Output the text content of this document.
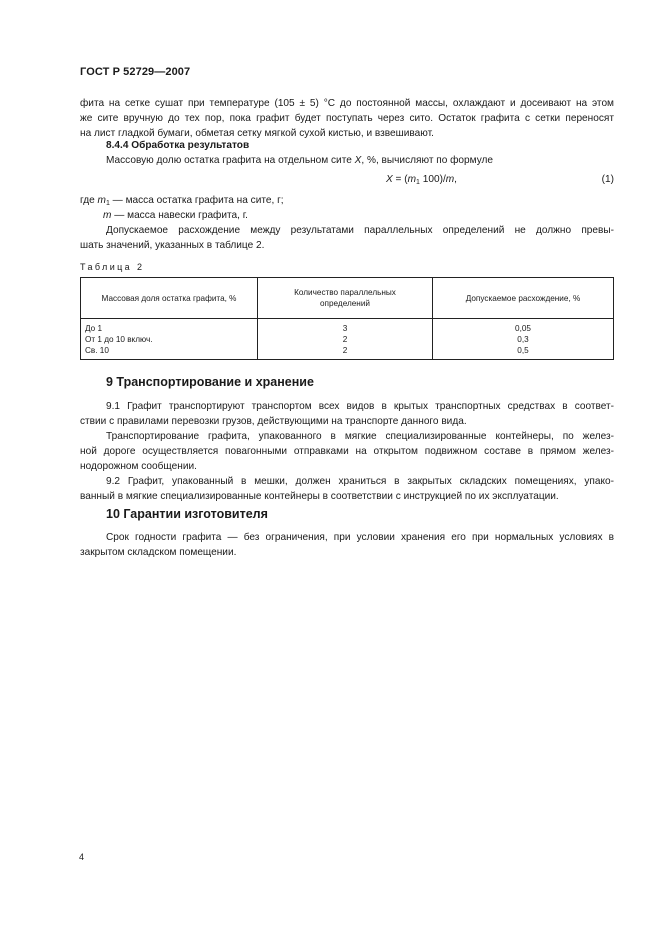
ГОСТ Р 52729—2007
фита на сетке сушат при температуре (105 ± 5) °С до постоянной массы, охлаждают и досеивают на этом
же сите вручную до тех пор, пока графит будет поступать через сито. Остаток графита с сетки переносят
на лист гладкой бумаги, обметая сетку мягкой сухой кистью, и взвешивают.
8.4.4 Обработка результатов
Массовую долю остатка графита на отдельном сите X, %, вычисляют по формуле
$X = (m_1$ 100)/m,	(1)
где $m_1$ — масса остатка графита на сите, г;
m — масса навески графита, г.
Допускаемое расхождение между результатами параллельных определений не должно превы-
шать значений, указанных в таблице 2.
Таблица 2
Массовая доля остатка графита, %	Количество параллельных определений	Допускаемое расхождение, %
До 1	3	0,05
От 1 до 10 включ.	2	0,3
Св. 10	2	0,5
9 Транспортирование и хранение
9.1 Графит транспортируют транспортом всех видов в крытых транспортных средствах в соответ-
ствии с правилами перевозки грузов, действующими на транспорте данного вида.
Транспортирование графита, упакованного в мягкие специализированные контейнеры, по желез-
ной дороге осуществляется повагонными отправками на открытом подвижном составе в прямом желез-
нодорожном сообщении.
9.2 Графит, упакованный в мешки, должен храниться в закрытых складских помещениях, упако-
ванный в мягкие специализированные контейнеры в соответствии с инструкцией по их эксплуатации.
10 Гарантии изготовителя
Срок годности графита — без ограничения, при условии хранения его при нормальных условиях в
закрытом складском помещении.
4
